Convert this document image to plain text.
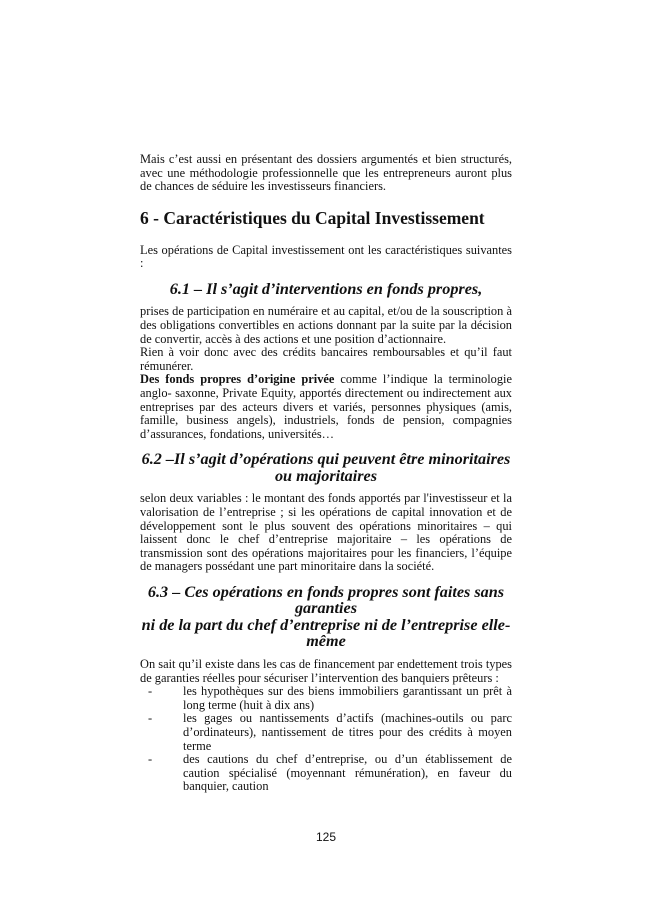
Mais c’est aussi en présentant des dossiers argumentés et bien structurés, avec une méthodologie professionnelle que les entrepreneurs auront plus de chances de séduire les investisseurs financiers.

6 - Caractéristiques du Capital Investissement
Les opérations de Capital investissement ont les caractéristiques suivantes :
6.1 – Il s’agit d’interventions en fonds propres,

prises de participation en numéraire et au capital, et/ou de la souscription à des obligations convertibles en actions donnant par la suite par la décision de convertir, accès à des actions et une position d’actionnaire.

Rien à voir donc avec des crédits bancaires remboursables et qu’il faut rémunérer.

Des fonds propres d’origine privée comme l’indique la terminologie anglo- saxonne, Private Equity, apportés directement ou indirectement aux entreprises par des acteurs divers et variés, personnes physiques (amis, famille, business angels), industriels, fonds de pension, compagnies d’assurances, fondations, universités…

6.2 –Il s’agit d’opérations qui peuvent être minoritaires
ou majoritaires

selon deux variables : le montant des fonds apportés par l'investisseur et la valorisation de l’entreprise ; si les opérations de capital innovation et de développement sont le plus souvent des opérations minoritaires – qui laissent donc le chef d’entreprise majoritaire – les opérations de transmission sont des opérations majoritaires pour les financiers, l’équipe de managers possédant une part minoritaire dans la société.

6.3 – Ces opérations en fonds propres sont faites sans garanties
ni de la part du chef d’entreprise ni de l’entreprise elle-même

On sait qu’il existe dans les cas de financement par endettement trois types de garanties réelles pour sécuriser l’intervention des banquiers prêteurs :

- les hypothèques sur des biens immobiliers garantissant un prêt à long terme (huit à dix ans)
- les gages ou nantissements d’actifs (machines-outils ou parc d’ordinateurs), nantissement de titres pour des crédits à moyen terme
- des cautions du chef d’entreprise, ou d’un établissement de caution spécialisé (moyennant rémunération), en faveur du banquier, caution
125
